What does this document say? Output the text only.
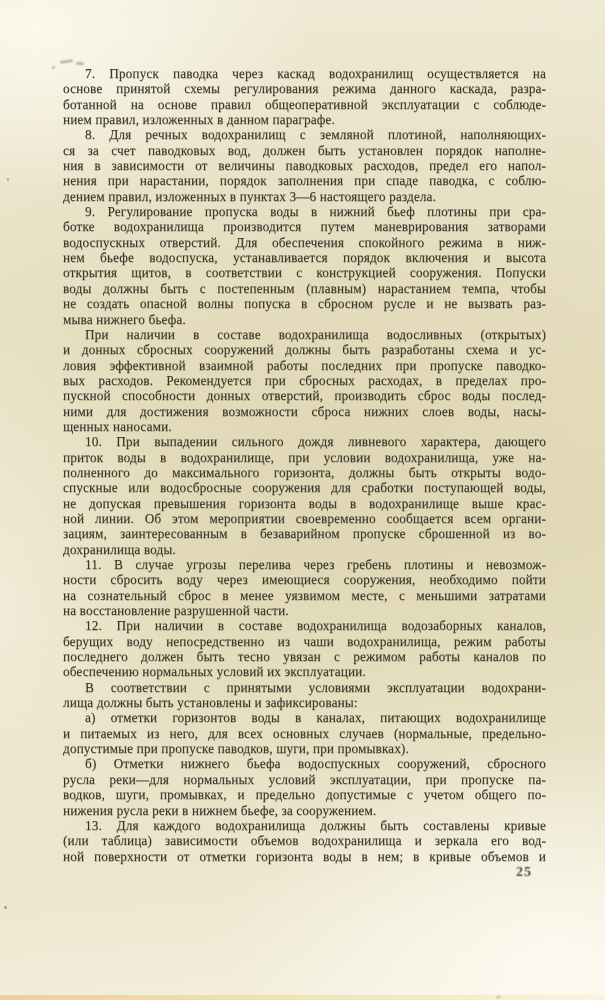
7. Пропуск паводка через каскад водохранилищ осуществляется на
основе принятой схемы регулирования режима данного каскада, разра-
ботанной на основе правил общеоперативной эксплуатации с соблюде-
нием правил, изложенных в данном параграфе.
8. Для речных водохранилищ с земляной плотиной, наполняющих-
ся за счет паводковых вод, должен быть установлен порядок наполне-
ния в зависимости от величины паводковых расходов, предел его напол-
нения при нарастании, порядок заполнения при спаде паводка, с соблю-
дением правил, изложенных в пунктах 3—6 настоящего раздела.
9. Регулирование пропуска воды в нижний бьеф плотины при сра-
ботке водохранилища производится путем маневрирования затворами
водоспускных отверстий. Для обеспечения спокойного режима в ниж-
нем бьефе водоспуска, устанавливается порядок включения и высота
открытия щитов, в соответствии с конструкцией сооружения. Попуски
воды должны быть с постепенным (плавным) нарастанием темпа, чтобы
не создать опасной волны попуска в сбросном русле и не вызвать раз-
мыва нижнего бьефа.
При наличии в составе водохранилища водосливных (открытых)
и донных сбросных сооружений должны быть разработаны схема и ус-
ловия эффективной взаимной работы последних при пропуске паводко-
вых расходов. Рекомендуется при сбросных расходах, в пределах про-
пускной способности донных отверстий, производить сброс воды послед-
ними для достижения возможности сброса нижних слоев воды, насы-
щенных наносами.
10. При выпадении сильного дождя ливневого характера, дающего
приток воды в водохранилище, при условии водохранилища, уже на-
полненного до максимального горизонта, должны быть открыты водо-
спускные или водосбросные сооружения для сработки поступающей воды,
не допуская превышения горизонта воды в водохранилище выше крас-
ной линии. Об этом мероприятии своевременно сообщается всем органи-
зациям, заинтересованным в безаварийном пропуске сброшенной из во-
дохранилища воды.
11. В случае угрозы перелива через гребень плотины и невозмож-
ности сбросить воду через имеющиеся сооружения, необходимо пойти
на сознательный сброс в менее уязвимом месте, с меньшими затратами
на восстановление разрушенной части.
12. При наличии в составе водохранилища водозаборных каналов,
берущих воду непосредственно из чаши водохранилища, режим работы
последнего должен быть тесно увязан с режимом работы каналов по
обеспечению нормальных условий их эксплуатации.
В соответствии с принятыми условиями эксплуатации водохрани-
лища должны быть установлены и зафиксированы:
а) отметки горизонтов воды в каналах, питающих водохранилище
и питаемых из него, для всех основных случаев (нормальные, предельно-
допустимые при пропуске паводков, шуги, при промывках).
б) Отметки нижнего бьефа водоспускных сооружений, сбросного
русла реки—для нормальных условий эксплуатации, при пропуске па-
водков, шуги, промывках, и предельно допустимые с учетом общего по-
нижения русла реки в нижнем бьефе, за сооружением.
13. Для каждого водохранилища должны быть составлены кривые
(или таблица) зависимости объемов водохранилища и зеркала его вод-
ной поверхности от отметки горизонта воды в нем; в кривые объемов и
25
